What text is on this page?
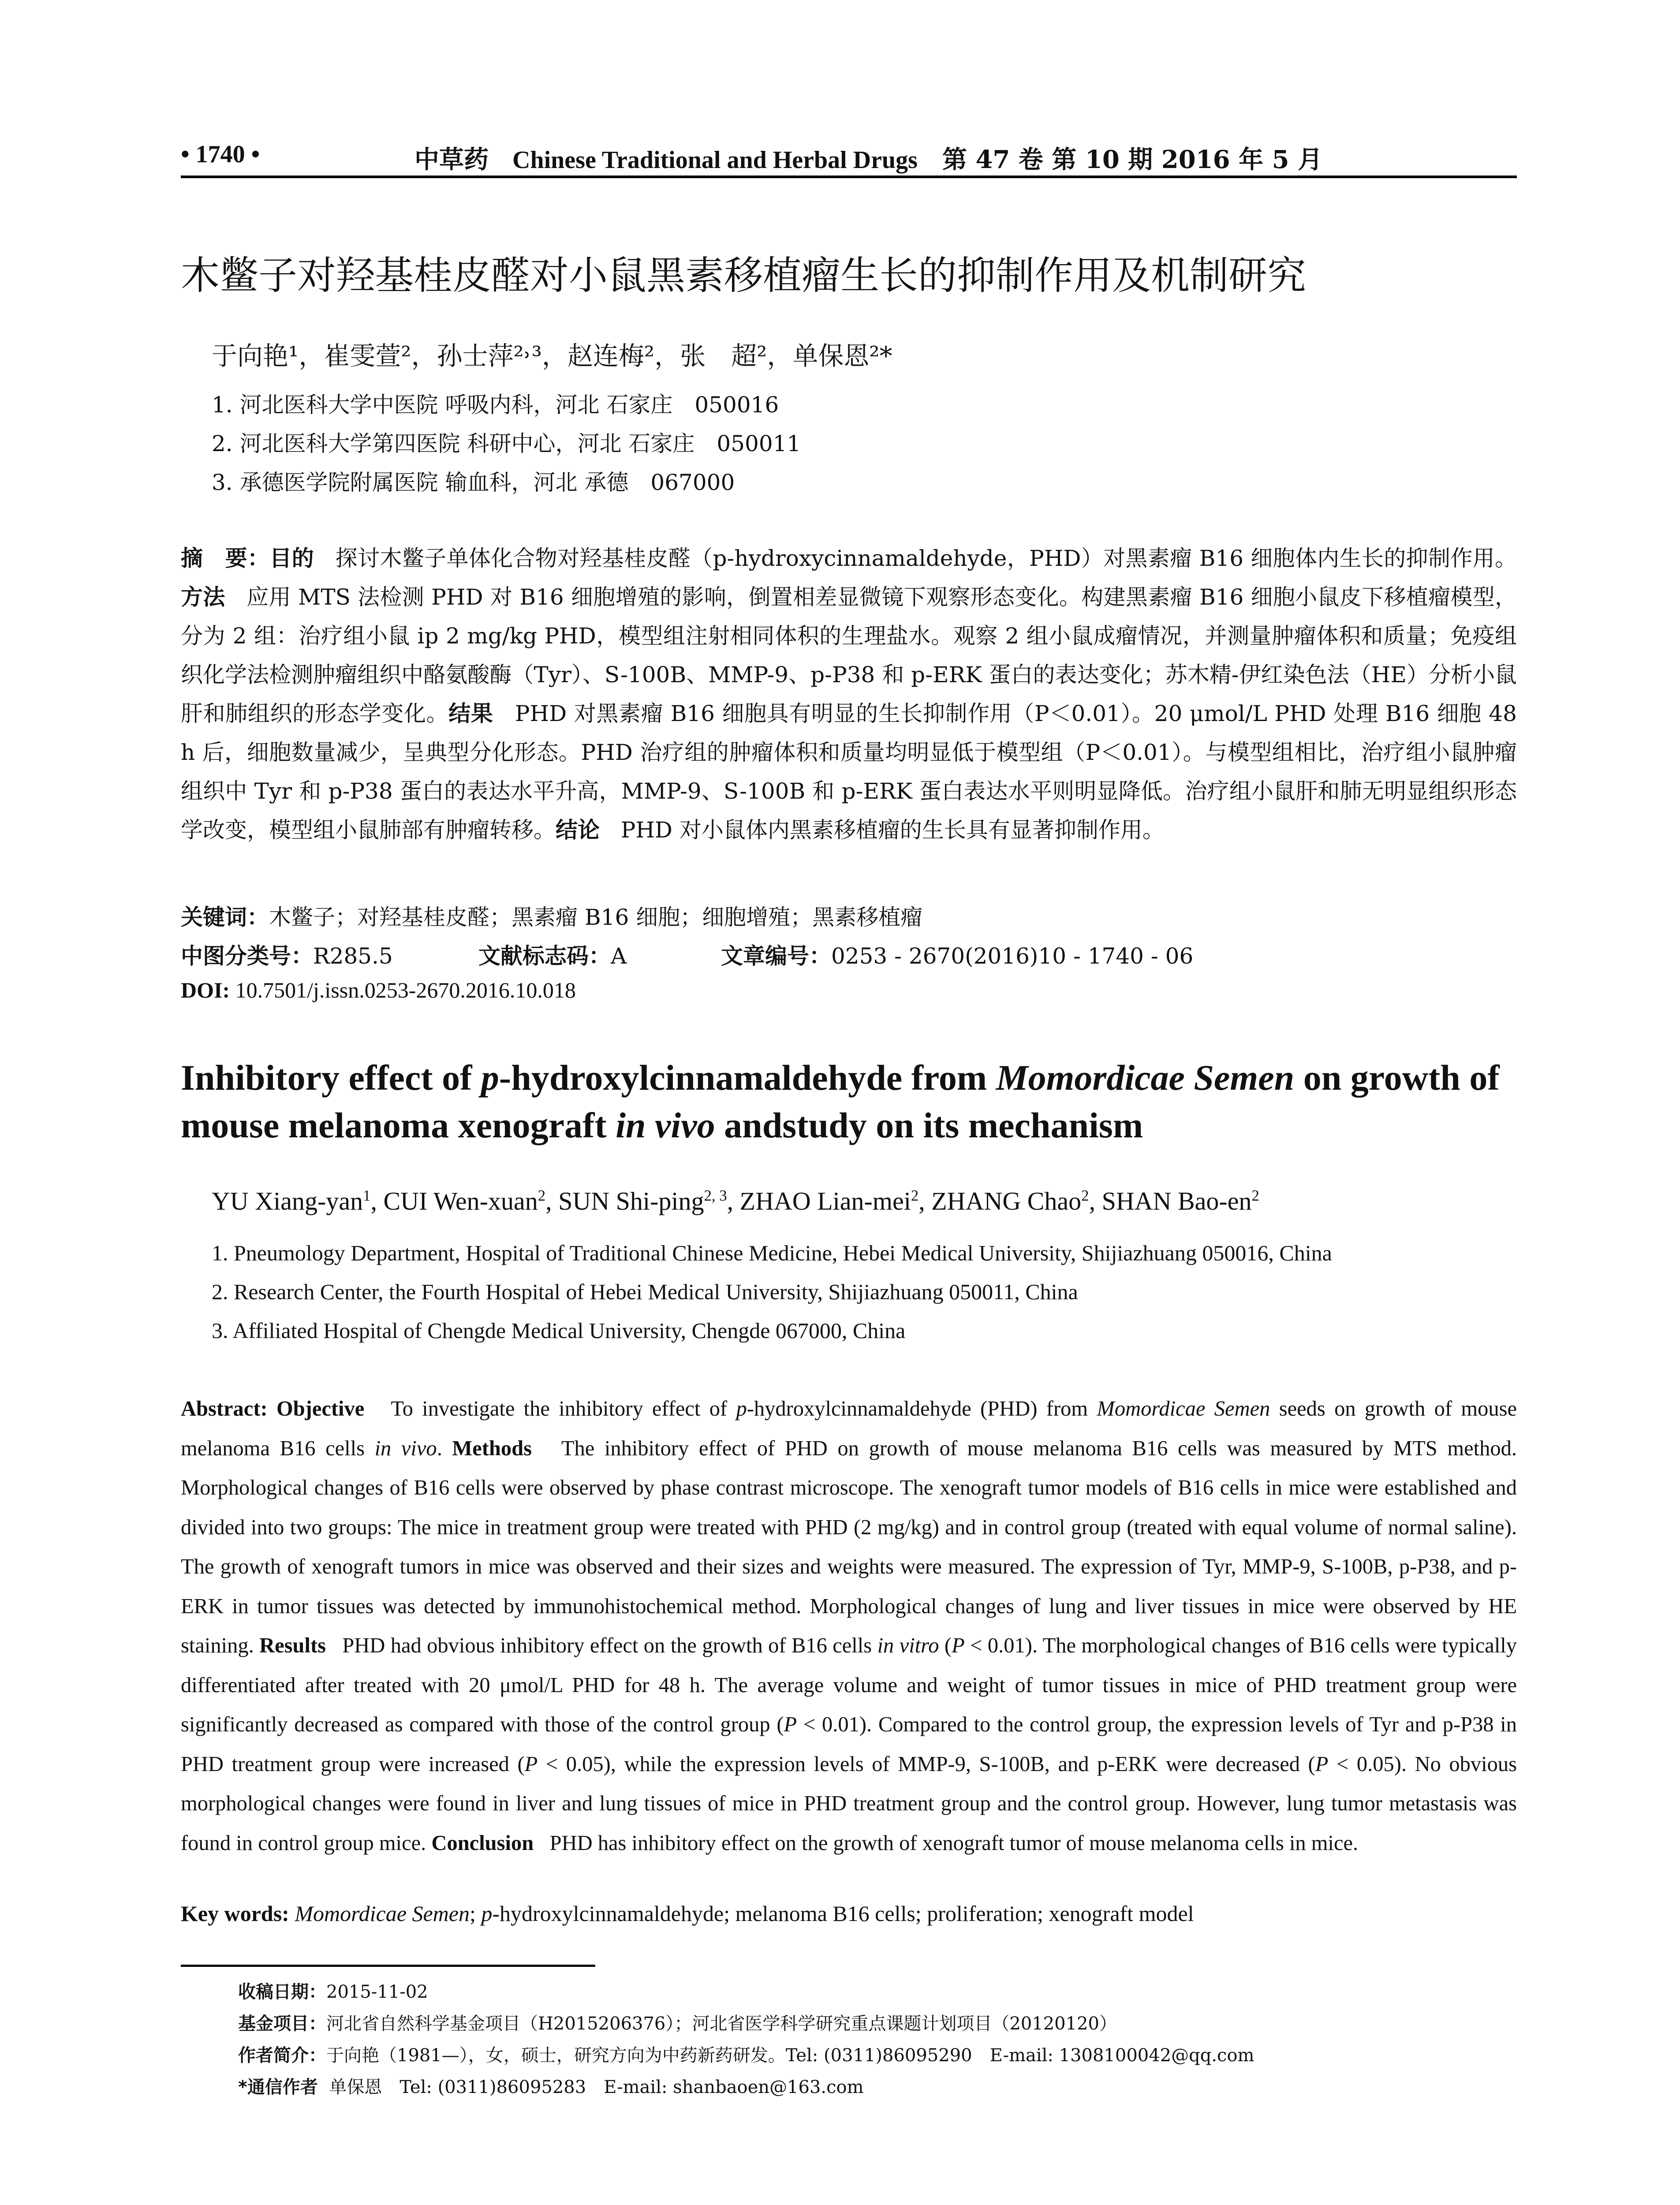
• 1740 •	中草药 Chinese Traditional and Herbal Drugs 第 47 卷 第 10 期 2016 年 5 月
木鳖子对羟基桂皮醛对小鼠黑素移植瘤生长的抑制作用及机制研究
于向艳¹，崔雯萱²，孙士萍²˒³，赵连梅²，张　超²，单保恩²*
1. 河北医科大学中医院 呼吸内科，河北 石家庄　050016
2. 河北医科大学第四医院 科研中心，河北 石家庄　050011
3. 承德医学院附属医院 输血科，河北 承德　067000
摘　要：目的 探讨木鳖子单体化合物对羟基桂皮醛（p-hydroxycinnamaldehyde，PHD）对黑素瘤 B16 细胞体内生长的抑制作用。方法 应用 MTS 法检测 PHD 对 B16 细胞增殖的影响，倒置相差显微镜下观察形态变化。构建黑素瘤 B16 细胞小鼠皮下移植瘤模型，分为 2 组：治疗组小鼠 ip 2 mg/kg PHD，模型组注射相同体积的生理盐水。观察 2 组小鼠成瘤情况，并测量肿瘤体积和质量；免疫组织化学法检测肿瘤组织中酪氨酸酶（Tyr）、S-100B、MMP-9、p-P38 和 p-ERK 蛋白的表达变化；苏木精-伊红染色法（HE）分析小鼠肝和肺组织的形态学变化。结果 PHD 对黑素瘤 B16 细胞具有明显的生长抑制作用（P＜0.01）。20 μmol/L PHD 处理 B16 细胞 48 h 后，细胞数量减少，呈典型分化形态。PHD 治疗组的肿瘤体积和质量均明显低于模型组（P＜0.01）。与模型组相比，治疗组小鼠肿瘤组织中 Tyr 和 p-P38 蛋白的表达水平升高，MMP-9、S-100B 和 p-ERK 蛋白表达水平则明显降低。治疗组小鼠肝和肺无明显组织形态学改变，模型组小鼠肺部有肿瘤转移。结论 PHD 对小鼠体内黑素移植瘤的生长具有显著抑制作用。
关键词：木鳖子；对羟基桂皮醛；黑素瘤 B16 细胞；细胞增殖；黑素移植瘤
中图分类号：R285.5	文献标志码：A	文章编号：0253 - 2670(2016)10 - 1740 - 06
DOI: 10.7501/j.issn.0253-2670.2016.10.018
Inhibitory effect of p-hydroxylcinnamaldehyde from Momordicae Semen on growth of mouse melanoma xenograft in vivo andstudy on its mechanism
YU Xiang-yan$^1$, CUI Wen-xuan$^2$, SUN Shi-ping$^{2, 3}$, ZHAO Lian-mei$^2$, ZHANG Chao$^2$, SHAN Bao-$en^2$
1. Pneumology Department, Hospital of Traditional Chinese Medicine, Hebei Medical University, Shijiazhuang 050016, China
2. Research Center, the Fourth Hospital of Hebei Medical University, Shijiazhuang 050011, China
3. Affiliated Hospital of Chengde Medical University, Chengde 067000, China
Abstract: Objective To investigate the inhibitory effect of p-hydroxylcinnamaldehyde (PHD) from Momordicae Semen seeds on growth of mouse melanoma B16 cells in vivo. Methods The inhibitory effect of PHD on growth of mouse melanoma B16 cells was measured by MTS method. Morphological changes of B16 cells were observed by phase contrast microscope. The xenograft tumor models of B16 cells in mice were established and divided into two groups: The mice in treatment group were treated with PHD (2 mg/kg) and in control group (treated with equal volume of normal saline). The growth of xenograft tumors in mice was observed and their sizes and weights were measured. The expression of Tyr, MMP-9, S-100B, p-P38, and p-ERK in tumor tissues was detected by immunohistochemical method. Morphological changes of lung and liver tissues in mice were observed by HE staining. Results PHD had obvious inhibitory effect on the growth of B16 cells in vitro (P < 0.01). The morphological changes of B16 cells were typically differentiated after treated with 20 μmol/L PHD for 48 h. The average volume and weight of tumor tissues in mice of PHD treatment group were significantly decreased as compared with those of the control group (P < 0.01). Compared to the control group, the expression levels of Tyr and p-P38 in PHD treatment group were increased (P < 0.05), while the expression levels of MMP-9, S-100B, and p-ERK were decreased (P < 0.05). No obvious morphological changes were found in liver and lung tissues of mice in PHD treatment group and the control group. However, lung tumor metastasis was found in control group mice. Conclusion PHD has inhibitory effect on the growth of xenograft tumor of mouse melanoma cells in mice.
Key words: Momordicae Semen; p-hydroxylcinnamaldehyde; melanoma B16 cells; proliferation; xenograft model
收稿日期：2015-11-02
基金项目：河北省自然科学基金项目（H2015206376）；河北省医学科学研究重点课题计划项目（20120120）
作者简介：于向艳（1981—），女，硕士，研究方向为中药新药研发。Tel: (0311)86095290　E-mail: 1308100042@qq.com
*通信作者 单保恩　Tel: (0311)86095283　E-mail: shanbaoen@163.com
